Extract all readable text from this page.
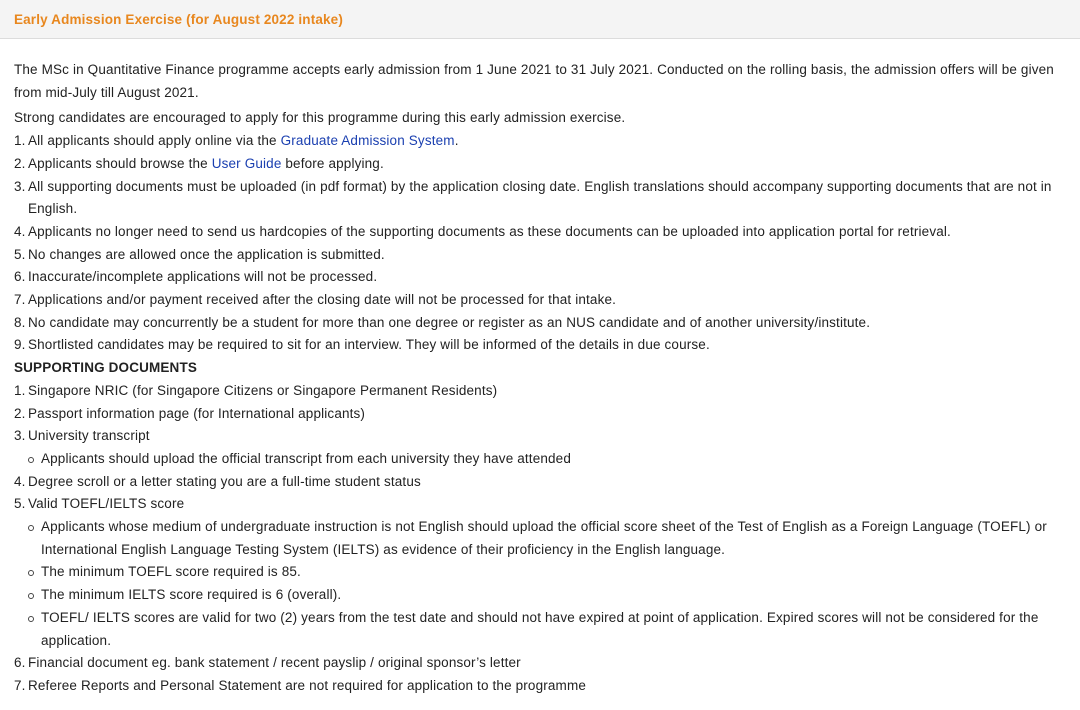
Early Admission Exercise (for August 2022 intake)

The MSc in Quantitative Finance programme accepts early admission from 1 June 2021 to 31 July 2021. Conducted on the rolling basis, the admission offers will be given from mid-July till August 2021.

Strong candidates are encouraged to apply for this programme during this early admission exercise.

1. All applicants should apply online via the Graduate Admission System.
2. Applicants should browse the User Guide before applying.
3. All supporting documents must be uploaded (in pdf format) by the application closing date. English translations should accompany supporting documents that are not in English.
4. Applicants no longer need to send us hardcopies of the supporting documents as these documents can be uploaded into application portal for retrieval.
5. No changes are allowed once the application is submitted.
6. Inaccurate/incomplete applications will not be processed.
7. Applications and/or payment received after the closing date will not be processed for that intake.
8. No candidate may concurrently be a student for more than one degree or register as an NUS candidate and of another university/institute.
9. Shortlisted candidates may be required to sit for an interview. They will be informed of the details in due course.

SUPPORTING DOCUMENTS

1. Singapore NRIC (for Singapore Citizens or Singapore Permanent Residents)
2. Passport information page (for International applicants)
3. University transcript
Applicants should upload the official transcript from each university they have attended
4. Degree scroll or a letter stating you are a full-time student status
5. Valid TOEFL/IELTS score
Applicants whose medium of undergraduate instruction is not English should upload the official score sheet of the Test of English as a Foreign Language (TOEFL) or International English Language Testing System (IELTS) as evidence of their proficiency in the English language.
The minimum TOEFL score required is 85.
The minimum IELTS score required is 6 (overall).
TOEFL/ IELTS scores are valid for two (2) years from the test date and should not have expired at point of application. Expired scores will not be considered for the application.
6. Financial document eg. bank statement / recent payslip / original sponsor’s letter
7. Referee Reports and Personal Statement are not required for application to the programme
